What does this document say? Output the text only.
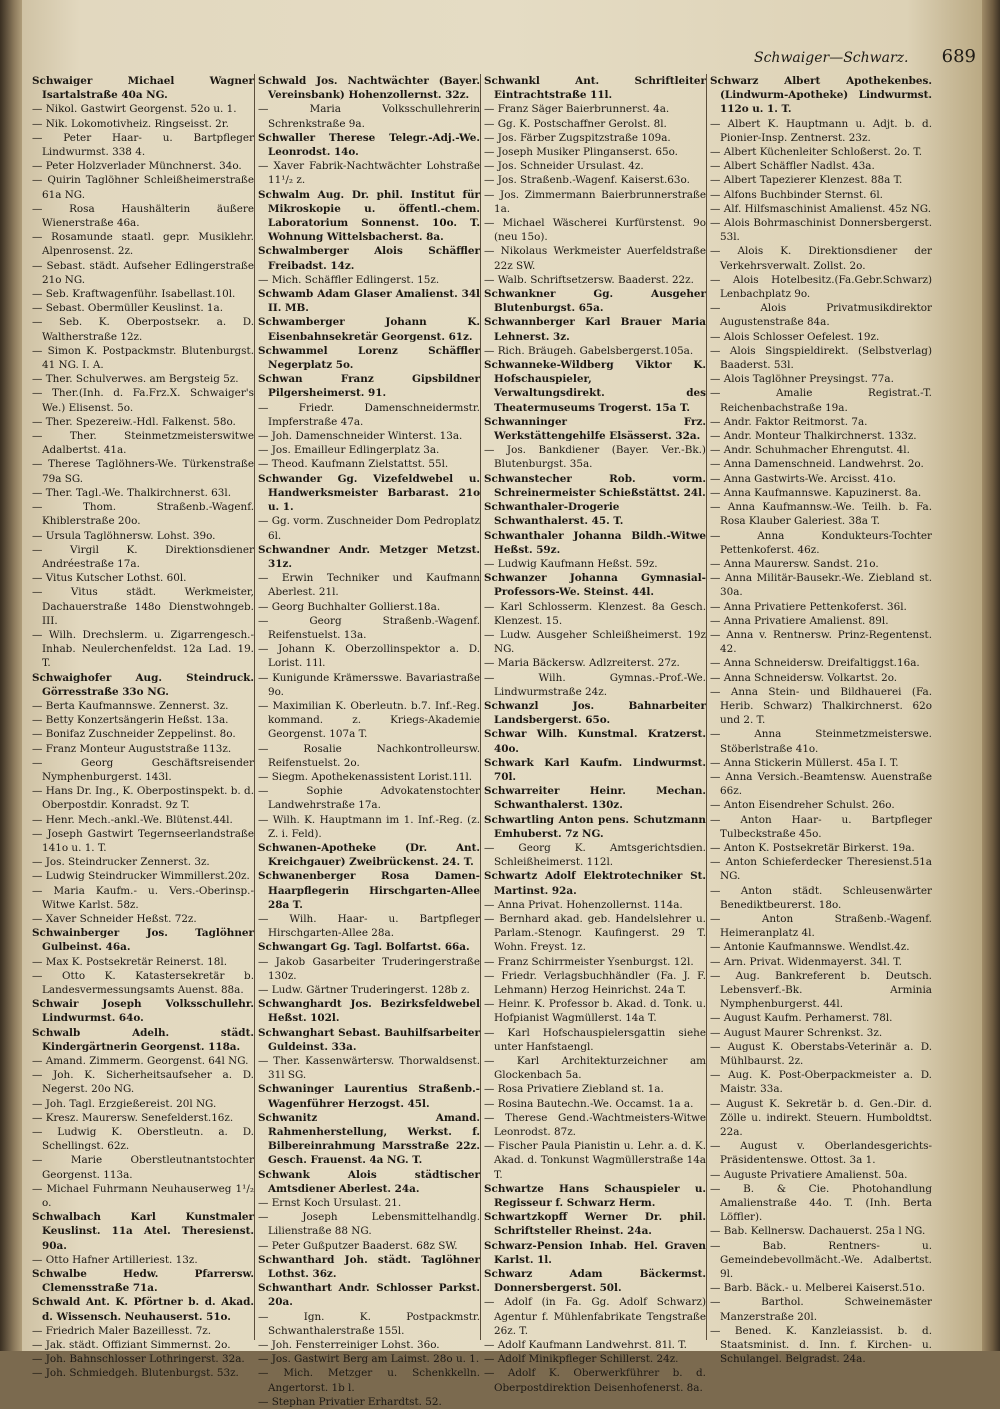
Schwaiger—Schwarz. 689

Schwaiger Michael Wagner Isartalstraße 40a NG.

— Nikol. Gastwirt Georgenst. 52o u. 1.

— Nik. Lokomotivheiz. Ringseisst. 2r.

— Peter Haar- u. Bartpfleger Lindwurmst. 338 4.

— Peter Holzverlader Münchnerst. 34o.

— Quirin Taglöhner Schleißheimerstraße 61a NG.

— Rosa Haushälterin äußere Wienerstraße 46a.

— Rosamunde staatl. gepr. Musiklehr. Alpenrosenst. 2z.

— Sebast. städt. Aufseher Edlingerstraße 21o NG.

— Seb. Kraftwagenführ. Isabellast.10l.

— Sebast. Obermüller Keuslinst. 1a.

— Seb. K. Oberpostsekr. a. D. Waltherstraße 12z.

— Simon K. Postpackmstr. Blutenburgst. 41 NG. I. A.

— Ther. Schulverwes. am Bergsteig 5z.

— Ther.(Inh. d. Fa.Frz.X. Schwaiger's We.) Elisenst. 5o.

— Ther. Spezereiw.-Hdl. Falkenst. 58o.

— Ther. Steinmetzmeisterswitwe Adalbertst. 41a.

— Therese Taglöhners-We. Türkenstraße 79a SG.

— Ther. Tagl.-We. Thalkirchnerst. 63l.

— Thom. Straßenb.-Wagenf. Khiblerstraße 20o.

— Ursula Taglöhnersw. Lohst. 39o.

— Virgil K. Direktionsdiener Andréestraße 17a.

— Vitus Kutscher Lothst. 60l.

— Vitus städt. Werkmeister, Dachauerstraße 148o Dienstwohngeb. III.

— Wilh. Drechslerm. u. Zigarrengesch.-Inhab. Neulerchenfeldst. 12a Lad. 19. T.

Schwaighofer Aug. Steindruck. Görresstraße 33o NG.

— Berta Kaufmannswe. Zennerst. 3z.

— Betty Konzertsängerin Heßst. 13a.

— Bonifaz Zuschneider Zeppelinst. 8o.

— Franz Monteur Auguststraße 113z.

— Georg Geschäftsreisender Nymphenburgerst. 143l.

— Hans Dr. Ing., K. Oberpostinspekt. b. d. Oberpostdir. Konradst. 9z T.

— Henr. Mech.-ankl.-We. Blütenst.44l.

— Joseph Gastwirt Tegernseerlandstraße 141o u. 1. T.

— Jos. Steindrucker Zennerst. 3z.

— Ludwig Steindrucker Wimmillerst.20z.

— Maria Kaufm.- u. Vers.-Oberinsp.-Witwe Karlst. 58z.

— Xaver Schneider Heßst. 72z.

Schwainberger Jos. Taglöhner Gulbeinst. 46a.

— Max K. Postsekretär Reinerst. 18l.

— Otto K. Katastersekretär b. Landesvermessungsamts Auenst. 88a.

Schwair Joseph Volksschullehr. Lindwurmst. 64o.

Schwalb Adelh. städt. Kindergärtnerin Georgenst. 118a.

— Amand. Zimmerm. Georgenst. 64l NG.

— Joh. K. Sicherheitsaufseher a. D. Negerst. 20o NG.

— Joh. Tagl. Erzgießereist. 20l NG.

— Kresz. Maurersw. Senefelderst.16z.

— Ludwig K. Oberstleutn. a. D. Schellingst. 62z.

— Marie Oberstleutnantstochter Georgenst. 113a.

— Michael Fuhrmann Neuhauserweg 1¹/₂ o.

Schwalbach Karl Kunstmaler Keuslinst. 11a Atel. Theresienst. 90a.

— Otto Hafner Artilleriest. 13z.

Schwalbe Hedw. Pfarrersw. Clemensstraße 71a.

Schwald Ant. K. Pförtner b. d. Akad. d. Wissensch. Neuhauserst. 51o.

— Friedrich Maler Bazeillesst. 7z.

— Jak. städt. Offiziant Simmernst. 2o.

— Joh. Bahnschlosser Lothringerst. 32a.

— Joh. Schmiedgeh. Blutenburgst. 53z.

Schwald Jos. Nachtwächter (Bayer. Vereinsbank) Hohenzollernst. 32z.

— Maria Volksschullehrerin Schrenkstraße 9a.

Schwaller Therese Telegr.-Adj.-We. Leonrodst. 14o.

— Xaver Fabrik-Nachtwächter Lohstraße 11¹/₂ z.

Schwalm Aug. Dr. phil. Institut für Mikroskopie u. öffentl.-chem. Laboratorium Sonnenst. 10o. T. Wohnung Wittelsbacherst. 8a.

Schwalmberger Alois Schäffler Freibadst. 14z.

— Mich. Schäffler Edlingerst. 15z.

Schwamb Adam Glaser Amalienst. 34l II. MB.

Schwamberger Johann K. Eisenbahnsekretär Georgenst. 61z.

Schwammel Lorenz Schäffler Negerplatz 5o.

Schwan Franz Gipsbildner Pilgersheimerst. 91.

— Friedr. Damenschneidermstr. Impferstraße 47a.

— Joh. Damenschneider Winterst. 13a.

— Jos. Emailleur Edlingerplatz 3a.

— Theod. Kaufmann Zielstattst. 55l.

Schwander Gg. Vizefeldwebel u. Handwerksmeister Barbarast. 21o u. 1.

— Gg. vorm. Zuschneider Dom Pedroplatz 6l.

Schwandner Andr. Metzger Metzst. 31z.

— Erwin Techniker und Kaufmann Aberlest. 21l.

— Georg Buchhalter Gollierst.18a.

— Georg Straßenb.-Wagenf. Reifenstuelst. 13a.

— Johann K. Oberzollinspektor a. D. Lorist. 11l.

— Kunigunde Krämersswe. Bavariastraße 9o.

— Maximilian K. Oberleutn. b.7. Inf.-Reg. kommand. z. Kriegs-Akademie Georgenst. 107a T.

— Rosalie Nachkontrolleursw. Reifenstuelst. 2o.

— Siegm. Apothekenassistent Lorist.11l.

— Sophie Advokatenstochter Landwehrstraße 17a.

— Wilh. K. Hauptmann im 1. Inf.-Reg. (z. Z. i. Feld).

Schwanen-Apotheke (Dr. Ant. Kreichgauer) Zweibrückenst. 24. T.

Schwanenberger Rosa Damen-Haarpflegerin Hirschgarten-Allee 28a T.

— Wilh. Haar- u. Bartpfleger Hirschgarten-Allee 28a.

Schwangart Gg. Tagl. Bolfartst. 66a.

— Jakob Gasarbeiter Truderingerstraße 130z.

— Ludw. Gärtner Truderingerst. 128b z.

Schwanghardt Jos. Bezirksfeldwebel Heßst. 102l.

Schwanghart Sebast. Bauhilfsarbeiter Guldeinst. 33a.

— Ther. Kassenwärtersw. Thorwaldsenst. 31l SG.

Schwaninger Laurentius Straßenb.-Wagenführer Herzogst. 45l.

Schwanitz Amand. Rahmenherstellung, Werkst. f. Bilbereinrahmung Marsstraße 22z. Gesch. Frauenst. 4a NG. T.

Schwank Alois städtischer Amtsdiener Aberlest. 24a.

— Ernst Koch Ursulast. 21.

— Joseph Lebensmittelhandlg. Lilienstraße 88 NG.

— Peter Gußputzer Baaderst. 68z SW.

Schwanthard Joh. städt. Taglöhner Lothst. 36z.

Schwanthart Andr. Schlosser Parkst. 20a.

— Ign. K. Postpackmstr. Schwanthalerstraße 155l.

— Joh. Fensterreiniger Lohst. 36o.

— Jos. Gastwirt Berg am Laimst. 28o u. 1.

— Mich. Metzger u. Schenkkelln. Angertorst. 1b l.

— Stephan Privatier Erhardtst. 52.

Schwankl Ant. Schriftleiter Eintrachtstraße 11l.

— Franz Säger Baierbrunnerst. 4a.

— Gg. K. Postschaffner Gerolst. 8l.

— Jos. Färber Zugspitzstraße 109a.

— Joseph Musiker Plinganserst. 65o.

— Jos. Schneider Ursulast. 4z.

— Jos. Straßenb.-Wagenf. Kaiserst.63o.

— Jos. Zimmermann Baierbrunnerstraße 1a.

— Michael Wäscherei Kurfürstenst. 9o (neu 15o).

— Nikolaus Werkmeister Auerfeldstraße 22z SW.

— Walb. Schriftsetzersw. Baaderst. 22z.

Schwankner Gg. Ausgeher Blutenburgst. 65a.

Schwannberger Karl Brauer Maria Lehnerst. 3z.

— Rich. Bräugeh. Gabelsbergerst.105a.

Schwanneke-Wildberg Viktor K. Hofschauspieler, Verwaltungsdirekt. des Theatermuseums Trogerst. 15a T.

Schwanninger Frz. Werkstättengehilfe Elsässerst. 32a.

— Jos. Bankdiener (Bayer. Ver.-Bk.) Blutenburgst. 35a.

Schwanstecher Rob. vorm. Schreinermeister Schießstättst. 24l.

Schwanthaler-Drogerie Schwanthalerst. 45. T.

Schwanthaler Johanna Bildh.-Witwe Heßst. 59z.

— Ludwig Kaufmann Heßst. 59z.

Schwanzer Johanna Gymnasial-Professors-We. Steinst. 44l.

— Karl Schlosserm. Klenzest. 8a Gesch. Klenzest. 15.

— Ludw. Ausgeher Schleißheimerst. 19z NG.

— Maria Bäckersw. Adlzreiterst. 27z.

— Wilh. Gymnas.-Prof.-We. Lindwurmstraße 24z.

Schwanzl Jos. Bahnarbeiter Landsbergerst. 65o.

Schwar Wilh. Kunstmal. Kratzerst. 40o.

Schwark Karl Kaufm. Lindwurmst. 70l.

Schwarreiter Heinr. Mechan. Schwanthalerst. 130z.

Schwartling Anton pens. Schutzmann Emhuberst. 7z NG.

— Georg K. Amtsgerichtsdien. Schleißheimerst. 112l.

Schwartz Adolf Elektrotechniker St. Martinst. 92a.

— Anna Privat. Hohenzollernst. 114a.

— Bernhard akad. geb. Handelslehrer u. Parlam.-Stenogr. Kaufingerst. 29 T. Wohn. Freyst. 1z.

— Franz Schirrmeister Ysenburgst. 12l.

— Friedr. Verlagsbuchhändler (Fa. J. F. Lehmann) Herzog Heinrichst. 24a T.

— Heinr. K. Professor b. Akad. d. Tonk. u. Hofpianist Wagmüllerst. 14a T.

— Karl Hofschauspielersgattin siehe unter Hanfstaengl.

— Karl Architekturzeichner am Glockenbach 5a.

— Rosa Privatiere Ziebland st. 1a.

— Rosina Bautechn.-We. Occamst. 1a a.

— Therese Gend.-Wachtmeisters-Witwe Leonrodst. 87z.

— Fischer Paula Pianistin u. Lehr. a. d. K. Akad. d. Tonkunst Wagmüllerstraße 14a T.

Schwartze Hans Schauspieler u. Regisseur f. Schwarz Herm.

Schwartzkopff Werner Dr. phil. Schriftsteller Rheinst. 24a.

Schwarz-Pension Inhab. Hel. Graven Karlst. 1l.

Schwarz Adam Bäckermst. Donnersbergerst. 50l.

— Adolf (in Fa. Gg. Adolf Schwarz) Agentur f. Mühlenfabrikate Tengstraße 26z. T.

— Adolf Kaufmann Landwehrst. 81l. T.

— Adolf Minikpfleger Schillerst. 24z.

— Adolf K. Oberwerkführer b. d. Oberpostdirektion Deisenhofenerst. 8a.

Schwarz Albert Apothekenbes. (Lindwurm-Apotheke) Lindwurmst. 112o u. 1. T.

— Albert K. Hauptmann u. Adjt. b. d. Pionier-Insp. Zentnerst. 23z.

— Albert Küchenleiter Schloßerst. 2o. T.

— Albert Schäffler Nadlst. 43a.

— Albert Tapezierer Klenzest. 88a T.

— Alfons Buchbinder Sternst. 6l.

— Alf. Hilfsmaschinist Amalienst. 45z NG.

— Alois Bohrmaschinist Donnersbergerst. 53l.

— Alois K. Direktionsdiener der Verkehrsverwalt. Zollst. 2o.

— Alois Hotelbesitz.(Fa.Gebr.Schwarz) Lenbachplatz 9o.

— Alois Privatmusikdirektor Augustenstraße 84a.

— Alois Schlosser Oefelest. 19z.

— Alois Singspieldirekt. (Selbstverlag) Baaderst. 53l.

— Alois Taglöhner Preysingst. 77a.

— Amalie Registrat.-T. Reichenbachstraße 19a.

— Andr. Faktor Reitmorst. 7a.

— Andr. Monteur Thalkirchnerst. 133z.

— Andr. Schuhmacher Ehrengutst. 4l.

— Anna Damenschneid. Landwehrst. 2o.

— Anna Gastwirts-We. Arcisst. 41o.

— Anna Kaufmannswe. Kapuzinerst. 8a.

— Anna Kaufmannsw.-We. Teilh. b. Fa. Rosa Klauber Galeriest. 38a T.

— Anna Kondukteurs-Tochter Pettenkoferst. 46z.

— Anna Maurersw. Sandst. 21o.

— Anna Militär-Bausekr.-We. Ziebland st. 30a.

— Anna Privatiere Pettenkoferst. 36l.

— Anna Privatiere Amalienst. 89l.

— Anna v. Rentnersw. Prinz-Regentenst. 42.

— Anna Schneidersw. Dreifaltiggst.16a.

— Anna Schneidersw. Volkartst. 2o.

— Anna Stein- und Bildhauerei (Fa. Herib. Schwarz) Thalkirchnerst. 62o und 2. T.

— Anna Steinmetzmeisterswe. Stöberlstraße 41o.

— Anna Stickerin Müllerst. 45a I. T.

— Anna Versich.-Beamtensw. Auenstraße 66z.

— Anton Eisendreher Schulst. 26o.

— Anton Haar- u. Bartpfleger Tulbeckstraße 45o.

— Anton K. Postsekretär Birkerst. 19a.

— Anton Schieferdecker Theresienst.51a NG.

— Anton städt. Schleusenwärter Benediktbeurerst. 18o.

— Anton Straßenb.-Wagenf. Heimeranplatz 4l.

— Antonie Kaufmannswe. Wendlst.4z.

— Arn. Privat. Widenmayerst. 34l. T.

— Aug. Bankreferent b. Deutsch. Lebensverf.-Bk. Arminia Nymphenburgerst. 44l.

— August Kaufm. Perhamerst. 78l.

— August Maurer Schrenkst. 3z.

— August K. Oberstabs-Veterinär a. D. Mühlbaurst. 2z.

— Aug. K. Post-Oberpackmeister a. D. Maistr. 33a.

— August K. Sekretär b. d. Gen.-Dir. d. Zölle u. indirekt. Steuern. Humboldtst. 22a.

— August v. Oberlandesgerichts-Präsidentenswe. Ottost. 3a 1.

— Auguste Privatiere Amalienst. 50a.

— B. & Cie. Photohandlung Amalienstraße 44o. T. (Inh. Berta Löffler).

— Bab. Kellnersw. Dachauerst. 25a l NG.

— Bab. Rentners- u. Gemeindebevollmächt.-We. Adalbertst. 9l.

— Barb. Bäck.- u. Melberei Kaiserst.51o.

— Barthol. Schweinemäster Manzerstraße 20l.

— Bened. K. Kanzleiassist. b. d. Staatsminist. d. Inn. f. Kirchen- u. Schulangel. Belgradst. 24a.
